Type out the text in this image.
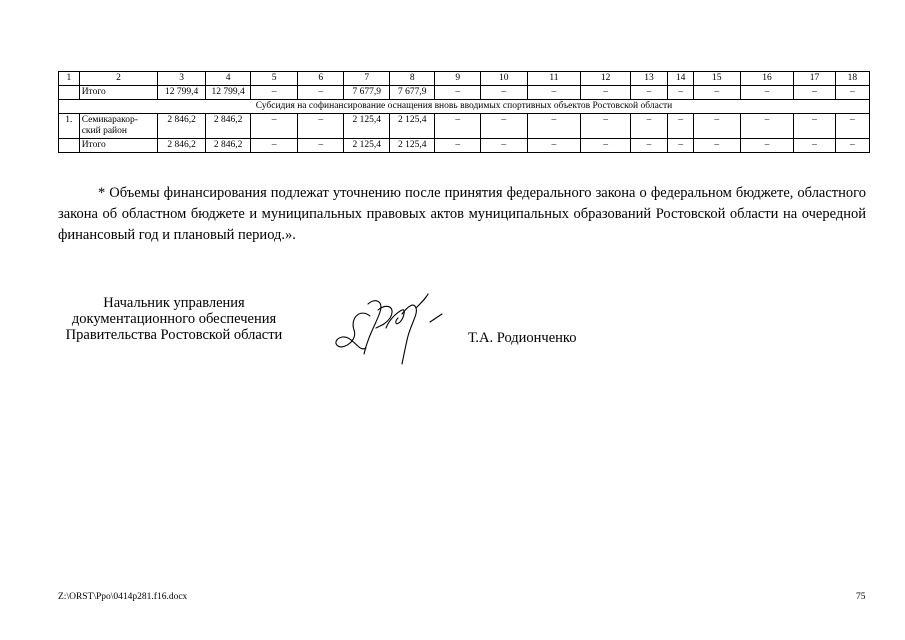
1	2	3	4	5	6	7	8	9	10	11	12	13	14	15	16	17	18
	Итого	12 799,4	12 799,4	–	–	7 677,9	7 677,9	–	–	–	–	–	–	–	–	–	–
Субсидия на софинансирование оснащения вновь вводимых спортивных объектов Ростовской области																	
1.	Семикаракор-ский район	2 846,2	2 846,2	–	–	2 125,4	2 125,4	–	–	–	–	–	–	–	–	–	–
	Итого	2 846,2	2 846,2	–	–	2 125,4	2 125,4	–	–	–	–	–	–	–	–	–	–

* Объемы финансирования подлежат уточнению после принятия федерального закона о федеральном бюджете, областного закона об областном бюджете и муниципальных правовых актов муниципальных образований Ростовской области на очередной финансовый год и плановый период.».

Начальник управления
документационного обеспечения
Правительства Ростовской области	Т.А. Родионченко
Z:\ORST\Ppo\0414p281.f16.docx	75
